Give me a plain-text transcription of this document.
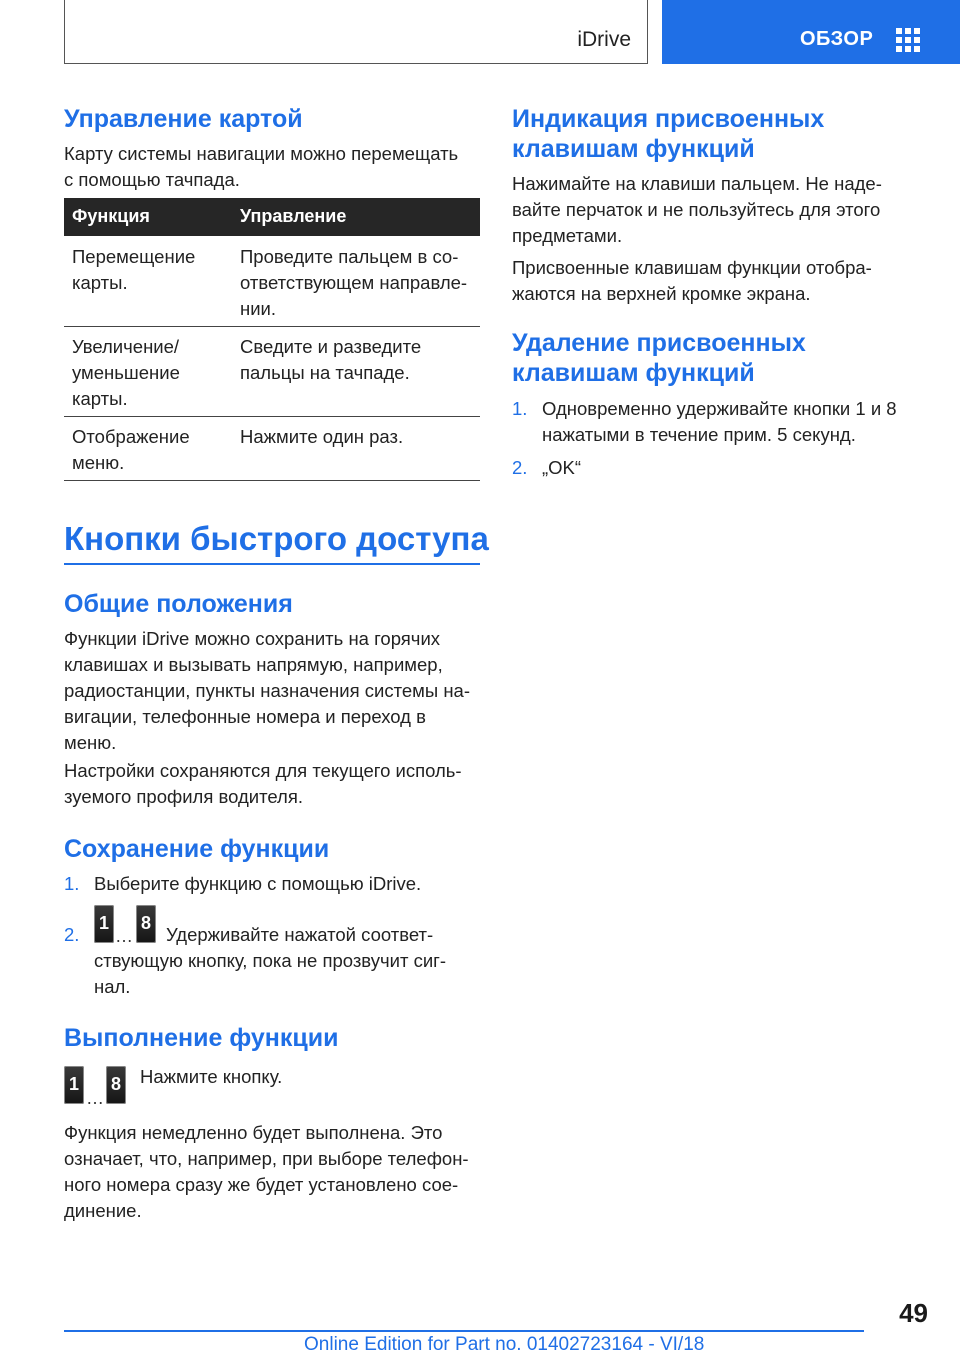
iDrive	ОБЗОР
Управление картой

Карту системы навигации можно перемещать
с помощью тачпада.

Функция	Управление

Перемещение
карты.

Проведите пальцем в со-
ответствующем направле-
нии.

Увеличение/
уменьшение
карты.

Сведите и разведите
пальцы на тачпаде.

Отображение
меню.

Нажмите один раз.

Кнопки быстрого доступа
Общие положения

Функции iDrive можно сохранить на горячих
клавишах и вызывать напрямую, например,
радиостанции, пункты назначения системы на-
вигации, телефонные номера и переход в
меню.

Настройки сохраняются для текущего исполь-
зуемого профиля водителя.

Сохранение функции
1. Выберите функцию с помощью iDrive.

2.
1
…
8

Удерживайте нажатой соответ-
ствующую кнопку, пока не прозвучит сиг-
нал.

Выполнение функции
1
…
8 Нажмите кнопку.

Функция немедленно будет выполнена. Это
означает, что, например, при выборе телефон-
ного номера сразу же будет установлено сое-
динение.

Индикация присвоенных
клавишам функций

Нажимайте на клавиши пальцем. Не наде-
вайте перчаток и не пользуйтесь для этого
предметами.

Присвоенные клавишам функции отобра-
жаются на верхней кромке экрана.

Удаление присвоенных
клавишам функций
1. Одновременно удерживайте кнопки 1 и 8
нажатыми в течение прим. 5 секунд.

2. „OK“

49
Online Edition for Part no. 01402723164 - VI/18
